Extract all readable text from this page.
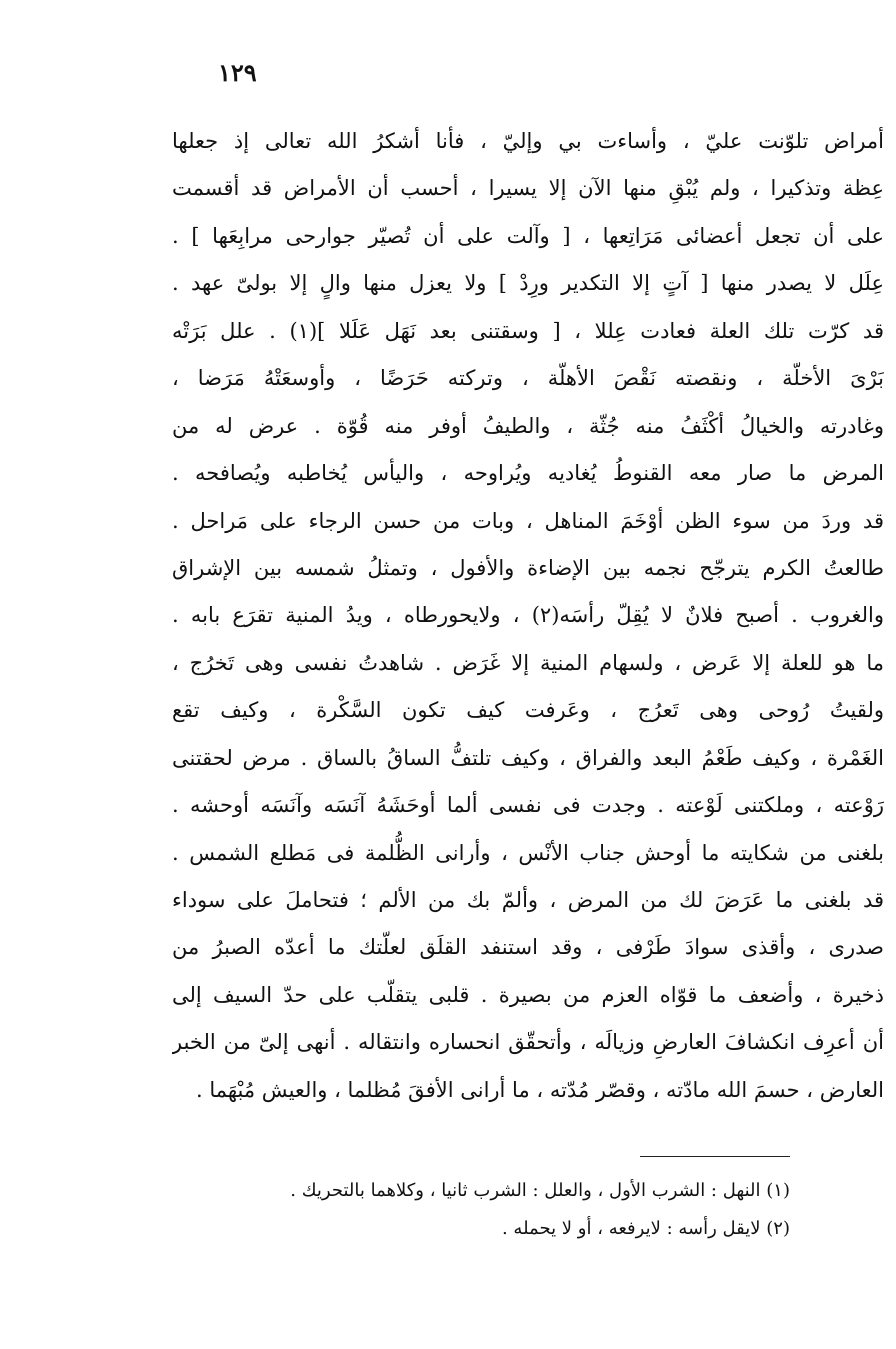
١٢٩
أمراض تلوّنت عليّ ، وأساءت بي وإليّ ، فأنا أشكرُ الله تعالى إذ جعلها
عِظة وتذكيرا ، ولم يُبْقِ منها الآن إلا يسيرا ، أحسب أن الأمراض قد أقسمت
على أن تجعل أعضائى مَرَاتِعها ، [ وآلت على أن تُصيّر جوارحى مرابِعَها ] .
عِلَل لا يصدر منها [ آتٍ إلا التكدير ورِدْ ] ولا يعزل منها والٍ إلا بولىّ عهد .
قد كرّت تلك العلة فعادت عِللا ، [ وسقتنى بعد نَهَل عَلَلا ](١) . علل بَرَتْه
بَرْىَ الأخلّة ، ونقصته نَقْصَ الأهلّة ، وتركته حَرَضًا ، وأوسعَتْهُ مَرَضا ،
وغادرته والخيالُ أكْثَفُ منه جُثّة ، والطيفُ أوفر منه قُوّة . عرض له من
المرض ما صار معه القنوطُ يُغاديه ويُراوحه ، واليأس يُخاطبه ويُصافحه .
قد وردَ من سوء الظن أوْخَمَ المناهل ، وبات من حسن الرجاء على مَراحل .
طالعتُ الكرم يترجّح نجمه بين الإضاءة والأفول ، وتمثلُ شمسه بين الإشراق
والغروب . أصبح فلانٌ لا يُقِلّ رأسَه(٢) ، ولايحورطاه ، ويدُ المنية تقرَع بابه .
ما هو للعلة إلا عَرض ، ولسهام المنية إلا غَرَض . شاهدتُ نفسى وهى تَخرُج ،
ولقيتُ رُوحى وهى تَعرُج ، وعَرفت كيف تكون السَّكْرة ، وكيف تقع
الغَمْرة ، وكيف طَعْمُ البعد والفراق ، وكيف تلتفُّ الساقُ بالساق . مرض لحقتنى
رَوْعته ، وملكتنى لَوْعته . وجدت فى نفسى ألما أوحَشَهُ آنَسَه وآنَسَه أوحشه .
بلغنى من شكايته ما أوحش جناب الأنْس ، وأرانى الظُّلمة فى مَطلع الشمس .
قد بلغنى ما عَرَضَ لك من المرض ، وألمّ بك من الألم ؛ فتحاملَ على سوداء
صدرى ، وأقذى سوادَ طَرْفى ، وقد استنفد القلَق لعلّتك ما أعدّه الصبرُ من
ذخيرة ، وأضعف ما قوّاه العزم من بصيرة . قلبى يتقلّب على حدّ السيف إلى
أن أعرِف انكشافَ العارضِ وزيالَه ، وأتحقّق انحساره وانتقاله . أنهى إلىّ من الخبر
العارض ، حسمَ الله مادّته ، وقصّر مُدّته ، ما أرانى الأفقَ مُظلما ، والعيش مُبْهَما .
(١) النهل : الشرب الأول ، والعلل : الشرب ثانيا ، وكلاهما بالتحريك .
(٢) لايقل رأسه : لايرفعه ، أو لا يحمله .
